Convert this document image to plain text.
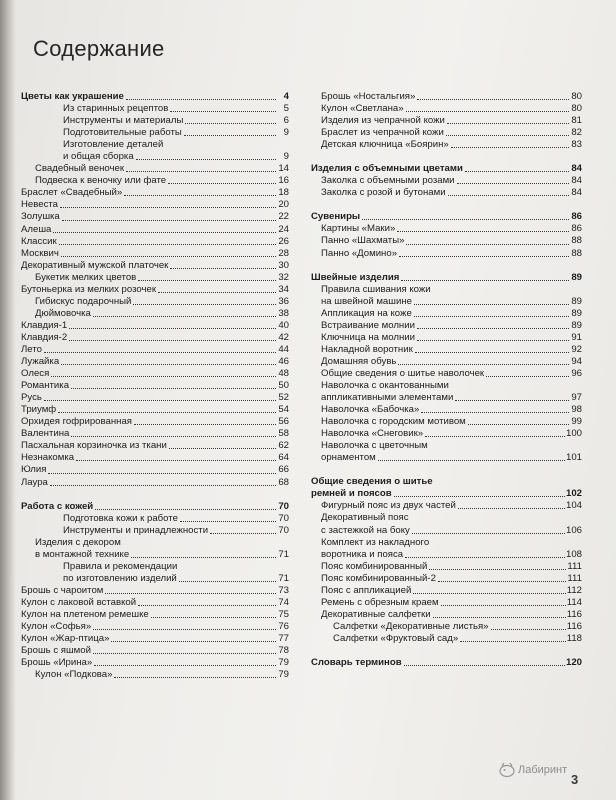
Содержание
Цветы как украшение	4
Из старинных рецептов	5
Инструменты и материалы	6
Подготовительные работы	9
Изготовление деталей
и общая сборка	9
Свадебный веночек	14
Подвеска к веночку или фате	16
Браслет «Свадебный»	18
Невеста	20
Золушка	22
Алеша	24
Классик	26
Москвич	28
Декоративный мужской платочек	30
Букетик мелких цветов	32
Бутоньерка из мелких розочек	34
Гибискус подарочный	36
Дюймовочка	38
Клавдия-1	40
Клавдия-2	42
Лето	44
Лужайка	46
Олеся	48
Романтика	50
Русь	52
Триумф	54
Орхидея гофрированная	56
Валентина	58
Пасхальная корзиночка из ткани	62
Незнакомка	64
Юлия	66
Лаура	68
Работа с кожей	70
Подготовка кожи к работе	70
Инструменты и принадлежности	70
Изделия с декором
в монтажной технике	71
Правила и рекомендации
по изготовлению изделий	71
Брошь с чароитом	73
Кулон с лаковой вставкой	74
Кулон на плетеном ремешке	75
Кулон «Софья»	76
Кулон «Жар-птица»	77
Брошь с яшмой	78
Брошь «Ирина»	79
Кулон «Подкова»	79
Брошь «Ностальгия»	80
Кулон «Светлана»	80
Изделия из чепрачной кожи	81
Браслет из чепрачной кожи	82
Детская ключница «Боярин»	83
Изделия с объемными цветами	84
Заколка с объемными розами	84
Заколка с розой и бутонами	84
Сувениры	86
Картины «Маки»	86
Панно «Шахматы»	88
Панно «Домино»	88
Швейные изделия	89
Правила сшивания кожи
на швейной машине	89
Аппликация на коже	89
Встраивание молнии	89
Ключница на молнии	91
Накладной воротник	92
Домашняя обувь	94
Общие сведения о шитье наволочек	96
Наволочка с окантованными
аппликативными элементами	97
Наволочка «Бабочка»	98
Наволочка с городским мотивом	99
Наволочка «Снеговик»	100
Наволочка с цветочным
орнаментом	101
Общие сведения о шитье
ремней и поясов	102
Фигурный пояс из двух частей	104
Декоративный пояс
с застежкой на боку	106
Комплект из накладного
воротника и пояса	108
Пояс комбинированный	111
Пояс комбинированный-2	111
Пояс с аппликацией	112
Ремень с обрезным краем	114
Декоративные салфетки	116
Салфетки «Декоративные листья»	116
Салфетки «Фруктовый сад»	118
Словарь терминов	120
Лабиринт
3
